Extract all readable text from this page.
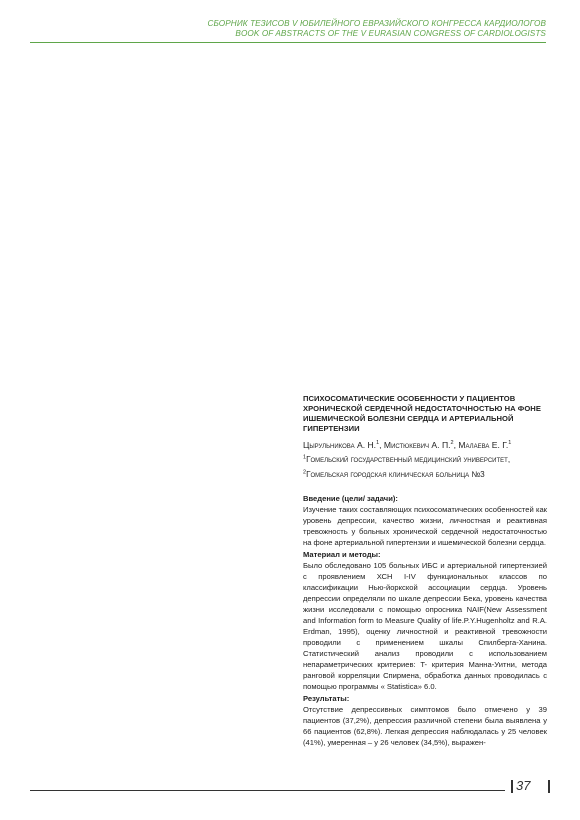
СБОРНИК ТЕЗИСОВ V ЮБИЛЕЙНОГО ЕВРАЗИЙСКОГО КОНГРЕССА КАРДИОЛОГОВ
BOOK OF ABSTRACTS OF THE V EURASIAN CONGRESS OF CARDIOLOGISTS
ПСИХОСОМАТИЧЕСКИЕ ОСОБЕННОСТИ У ПАЦИЕНТОВ ХРОНИЧЕСКОЙ СЕРДЕЧНОЙ НЕДОСТАТОЧНОСТЬЮ НА ФОНЕ ИШЕМИЧЕСКОЙ БОЛЕЗНИ СЕРДЦА И АРТЕРИАЛЬНОЙ ГИПЕРТЕНЗИИ
Цырульникова А. Н.$^1$, Мистюкевич А. П.$^2$, Малаева Е. Г.$^1$
$^1$Гомельский государственный медицинский университет,
$^2$Гомельская городская клиническая больница №3

Введение (цели/ задачи):

Изучение таких составляющих психосоматических особенностей как уровень депрессии, качество жизни, личностная и реактивная тревожность у больных хронической сердечной недостаточностью на фоне артериальной гипертензии и ишемической болезни сердца.

Материал и методы:

Было обследовано 105 больных ИБС и артериальной гипертензией с проявлением ХСН I-IV функциональных классов по классификации Нью-йоркской ассоциации сердца. Уровень депрессии определяли по шкале депрессии Бека, уровень качества жизни исследовали с помощью опросника NAIF(New Assessment and Information form to Measure Quality of life.P.Y.Hugenholtz and R.A. Erdman, 1995), оценку личностной и реактивной тревожности проводили с применением шкалы Спилберга-Ханина. Статистический анализ проводили с использованием непараметрических критериев: T- критерия Манна-Уитни, метода ранговой корреляции Спирмена, обработка данных проводилась с помощью программы « Statistica» 6.0.

Результаты:

Отсутствие депрессивных симптомов было отмечено у 39 пациентов (37,2%), депрессия различной степени была выявлена у 66 пациентов (62,8%). Легкая депрессия наблюдалась у 25 человек (41%), умеренная – у 26 человек (34,5%), выражен-

37
